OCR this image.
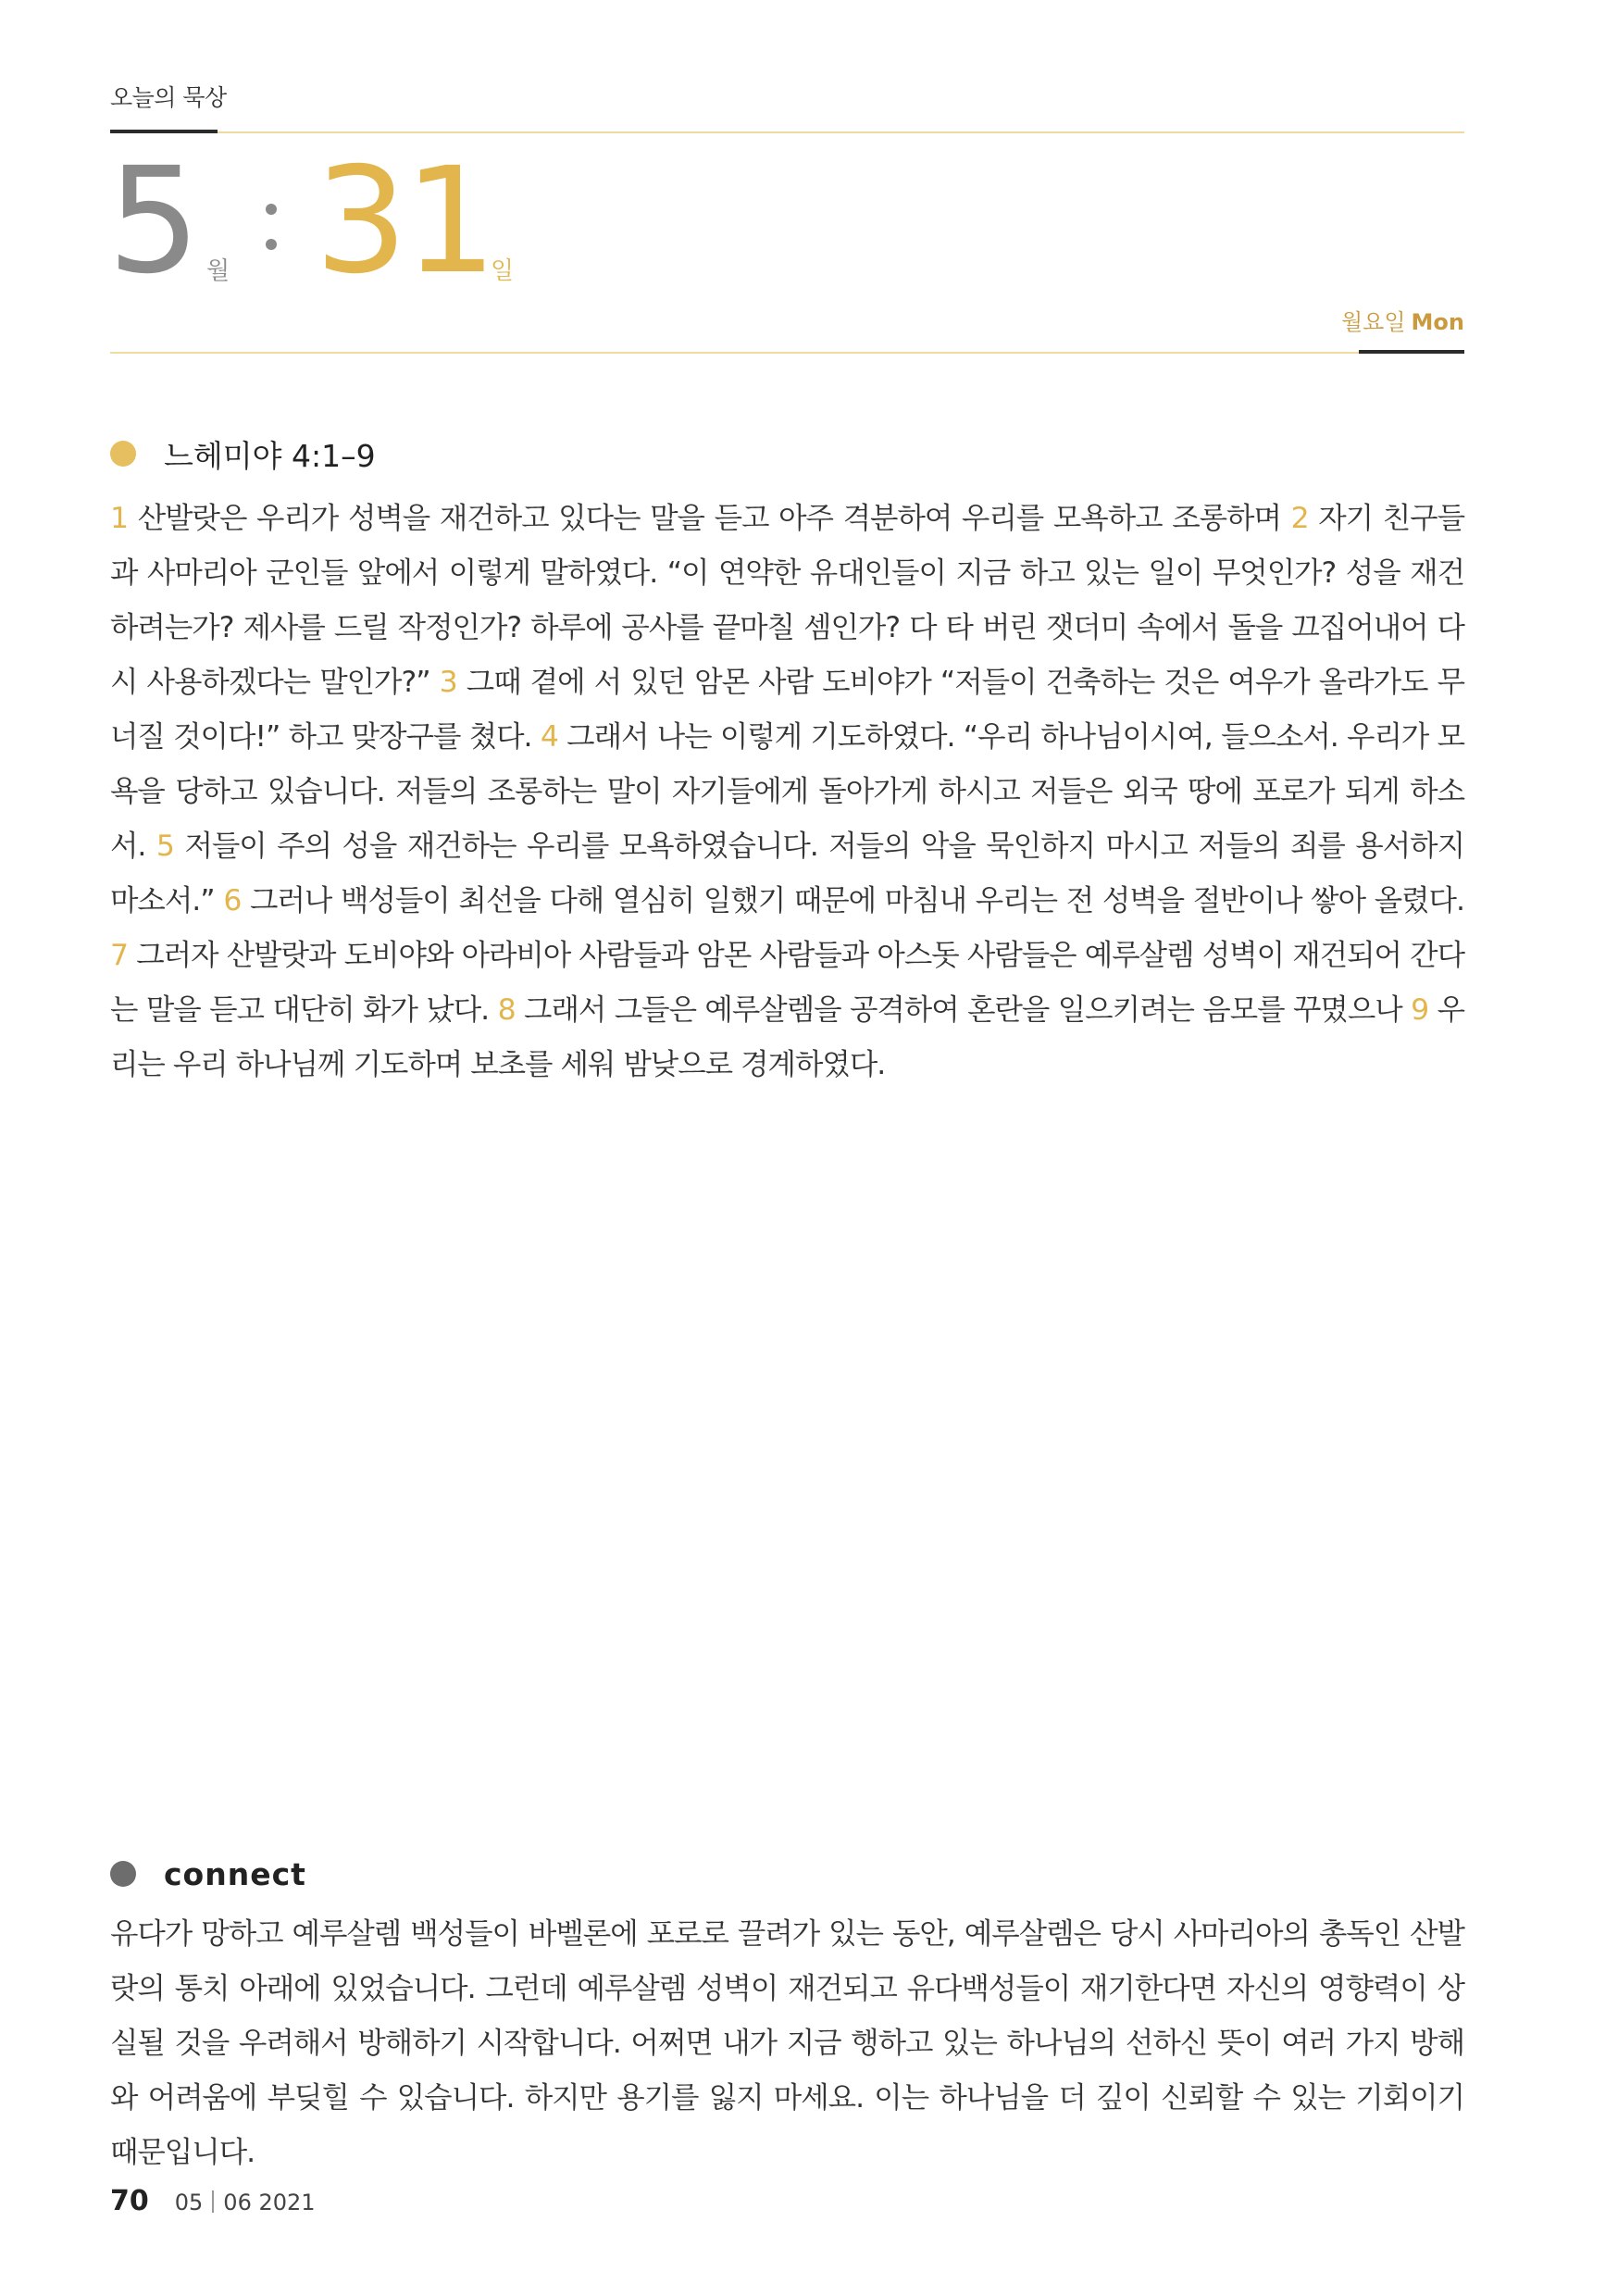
오늘의 묵상
5 월 31
일
월요일 Mon
느헤미야 4:1–9
1 산발랏은 우리가 성벽을 재건하고 있다는 말을 듣고 아주 격분하여 우리를 모욕하고 조롱하며 2 자기 친구들과 사마리아 군인들 앞에서 이렇게 말하였다. “이 연약한 유대인들이 지금 하고 있는 일이 무엇인가? 성을 재건하려는가? 제사를 드릴 작정인가? 하루에 공사를 끝마칠 셈인가? 다 타 버린 잿더미 속에서 돌을 끄집어내어 다시 사용하겠다는 말인가?” 3 그때 곁에 서 있던 암몬 사람 도비야가 “저들이 건축하는 것은 여우가 올라가도 무너질 것이다!” 하고 맞장구를 쳤다. 4 그래서 나는 이렇게 기도하였다. “우리 하나님이시여, 들으소서. 우리가 모욕을 당하고 있습니다. 저들의 조롱하는 말이 자기들에게 돌아가게 하시고 저들은 외국 땅에 포로가 되게 하소서. 5 저들이 주의 성을 재건하는 우리를 모욕하였습니다. 저들의 악을 묵인하지 마시고 저들의 죄를 용서하지 마소서.” 6 그러나 백성들이 최선을 다해 열심히 일했기 때문에 마침내 우리는 전 성벽을 절반이나 쌓아 올렸다. 7 그러자 산발랏과 도비야와 아라비아 사람들과 암몬 사람들과 아스돗 사람들은 예루살렘 성벽이 재건되어 간다는 말을 듣고 대단히 화가 났다. 8 그래서 그들은 예루살렘을 공격하여 혼란을 일으키려는 음모를 꾸몄으나 9 우리는 우리 하나님께 기도하며 보초를 세워 밤낮으로 경계하였다.
connect
유다가 망하고 예루살렘 백성들이 바벨론에 포로로 끌려가 있는 동안, 예루살렘은 당시 사마리아의 총독인 산발랏의 통치 아래에 있었습니다. 그런데 예루살렘 성벽이 재건되고 유다백성들이 재기한다면 자신의 영향력이 상실될 것을 우려해서 방해하기 시작합니다. 어쩌면 내가 지금 행하고 있는 하나님의 선하신 뜻이 여러 가지 방해와 어려움에 부딪힐 수 있습니다. 하지만 용기를 잃지 마세요. 이는 하나님을 더 깊이 신뢰할 수 있는 기회이기 때문입니다.
70 05 06 2021
